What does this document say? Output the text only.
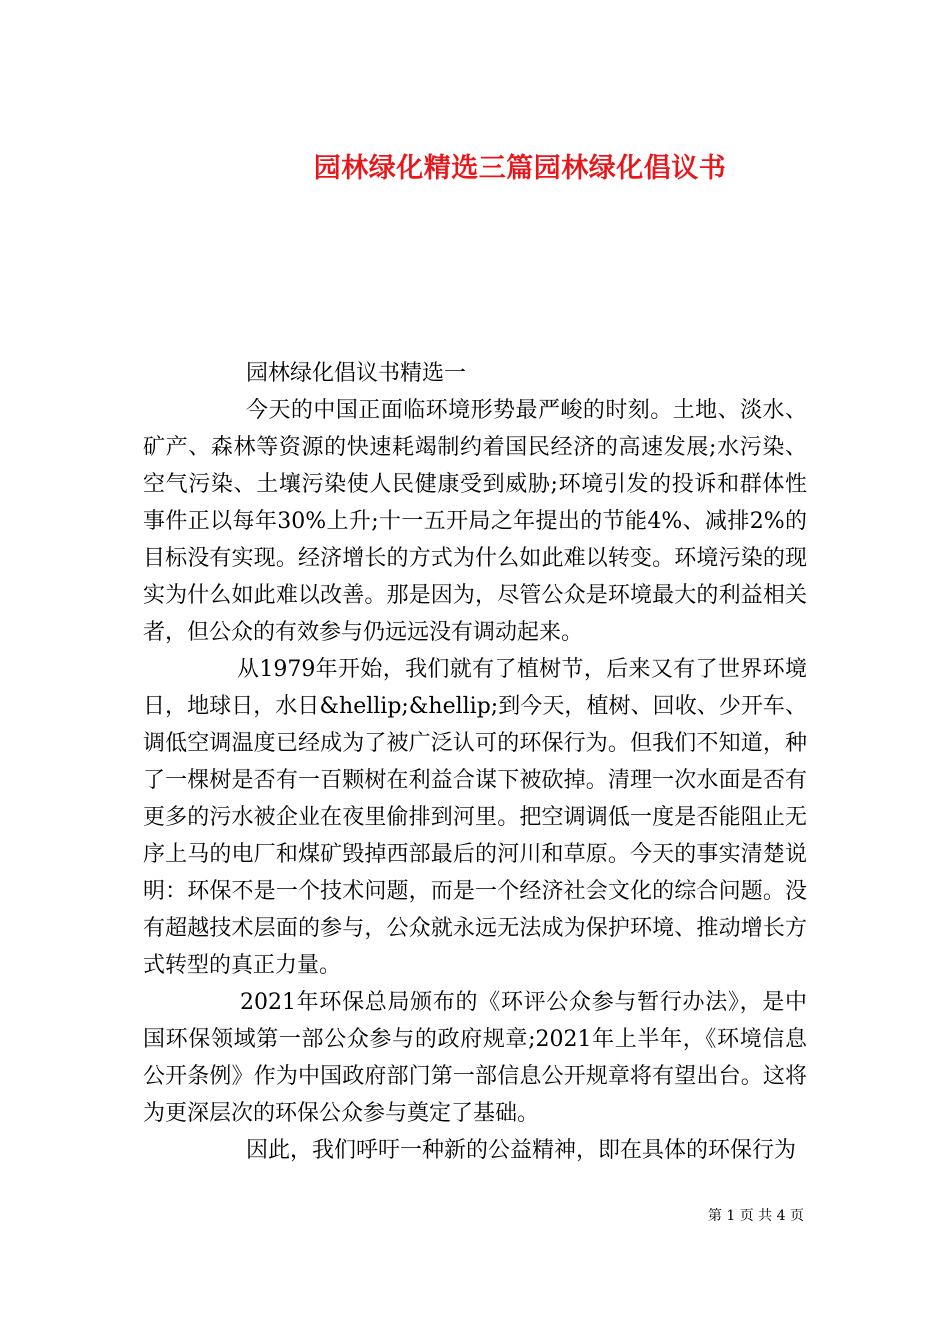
园林绿化精选三篇园林绿化倡议书

园林绿化倡议书精选一

今天的中国正面临环境形势最严峻的时刻。土地、淡水、矿产、森林等资源的快速耗竭制约着国民经济的高速发展;水污染、空气污染、土壤污染使人民健康受到威胁;环境引发的投诉和群体性事件正以每年30%上升;十一五开局之年提出的节能4%、减排2%的目标没有实现。经济增长的方式为什么如此难以转变。环境污染的现实为什么如此难以改善。那是因为，尽管公众是环境最大的利益相关者，但公众的有效参与仍远远没有调动起来。

从1979年开始，我们就有了植树节，后来又有了世界环境日，地球日，水日&hellip;&hellip;到今天，植树、回收、少开车、调低空调温度已经成为了被广泛认可的环保行为。但我们不知道，种了一棵树是否有一百颗树在利益合谋下被砍掉。清理一次水面是否有更多的污水被企业在夜里偷排到河里。把空调调低一度是否能阻止无序上马的电厂和煤矿毁掉西部最后的河川和草原。今天的事实清楚说明：环保不是一个技术问题，而是一个经济社会文化的综合问题。没有超越技术层面的参与，公众就永远无法成为保护环境、推动增长方式转型的真正力量。

2021年环保总局颁布的《环评公众参与暂行办法》，是中国环保领域第一部公众参与的政府规章;2021年上半年，《环境信息公开条例》作为中国政府部门第一部信息公开规章将有望出台。这将为更深层次的环保公众参与奠定了基础。

因此，我们呼吁一种新的公益精神，即在具体的环保行为

第 1 页 共 4 页
